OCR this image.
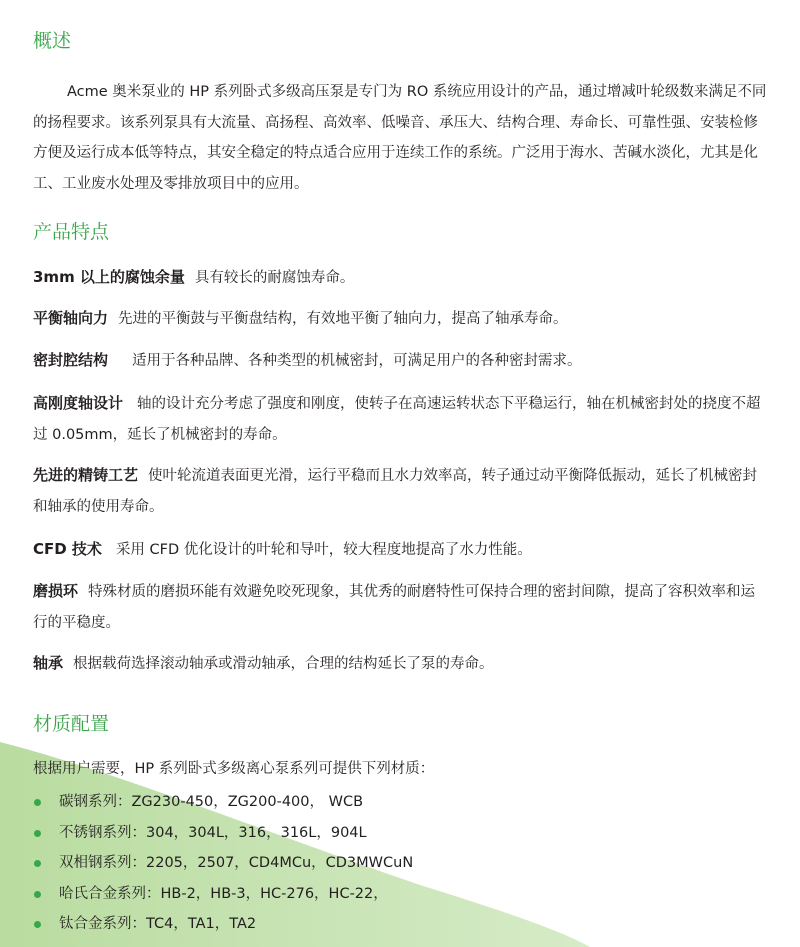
概述

Acme 奥米泵业的 HP 系列卧式多级高压泵是专门为 RO 系统应用设计的产品，通过增减叶轮级数来满足不同的扬程要求。该系列泵具有大流量、高扬程、高效率、低噪音、承压大、结构合理、寿命长、可靠性强、安装检修方便及运行成本低等特点，其安全稳定的特点适合应用于连续工作的系统。广泛用于海水、苦碱水淡化，尤其是化工、工业废水处理及零排放项目中的应用。

产品特点

3mm 以上的腐蚀余量 具有较长的耐腐蚀寿命。

平衡轴向力 先进的平衡鼓与平衡盘结构，有效地平衡了轴向力，提高了轴承寿命。

密封腔结构 适用于各种品牌、各种类型的机械密封，可满足用户的各种密封需求。

高刚度轴设计 轴的设计充分考虑了强度和刚度，使转子在高速运转状态下平稳运行，轴在机械密封处的挠度不超过 0.05mm，延长了机械密封的寿命。

先进的精铸工艺 使叶轮流道表面更光滑，运行平稳而且水力效率高，转子通过动平衡降低振动，延长了机械密封和轴承的使用寿命。

CFD 技术 采用 CFD 优化设计的叶轮和导叶，较大程度地提高了水力性能。

磨损环 特殊材质的磨损环能有效避免咬死现象，其优秀的耐磨特性可保持合理的密封间隙，提高了容积效率和运行的平稳度。

轴承 根据载荷选择滚动轴承或滑动轴承，合理的结构延长了泵的寿命。

材质配置

根据用户需要，HP 系列卧式多级离心泵系列可提供下列材质：

碳钢系列：ZG230-450，ZG200-400， WCB
不锈钢系列：304，304L，316，316L，904L
双相钢系列：2205，2507，CD4MCu，CD3MWCuN
哈氏合金系列：HB-2，HB-3，HC-276，HC-22，
钛合金系列：TC4，TA1，TA2
